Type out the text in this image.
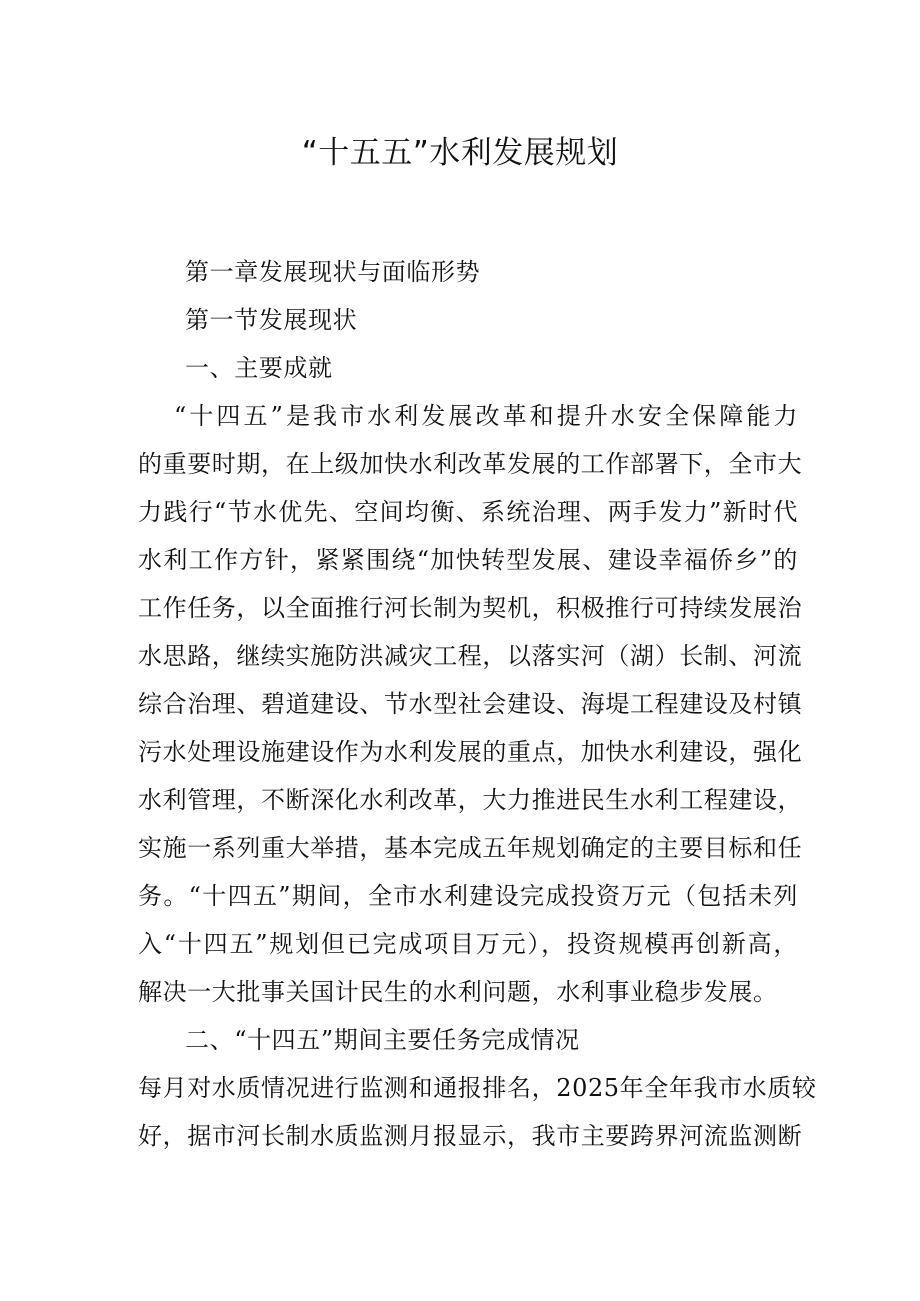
“十五五”水利发展规划
第一章发展现状与面临形势
第一节发展现状
一、主要成就
“十四五”是我市水利发展改革和提升水安全保障能力
的重要时期，在上级加快水利改革发展的工作部署下，全市大
力践行“节水优先、空间均衡、系统治理、两手发力”新时代
水利工作方针，紧紧围绕“加快转型发展、建设幸福侨乡”的
工作任务，以全面推行河长制为契机，积极推行可持续发展治
水思路，继续实施防洪减灾工程，以落实河（湖）长制、河流
综合治理、碧道建设、节水型社会建设、海堤工程建设及村镇
污水处理设施建设作为水利发展的重点，加快水利建设，强化
水利管理，不断深化水利改革，大力推进民生水利工程建设，
实施一系列重大举措，基本完成五年规划确定的主要目标和任
务。“十四五”期间，全市水利建设完成投资万元（包括未列
入“十四五”规划但已完成项目万元），投资规模再创新高，
解决一大批事关国计民生的水利问题，水利事业稳步发展。
二、“十四五”期间主要任务完成情况
每月对水质情况进行监测和通报排名，2025年全年我市水质较
好，据市河长制水质监测月报显示，我市主要跨界河流监测断
